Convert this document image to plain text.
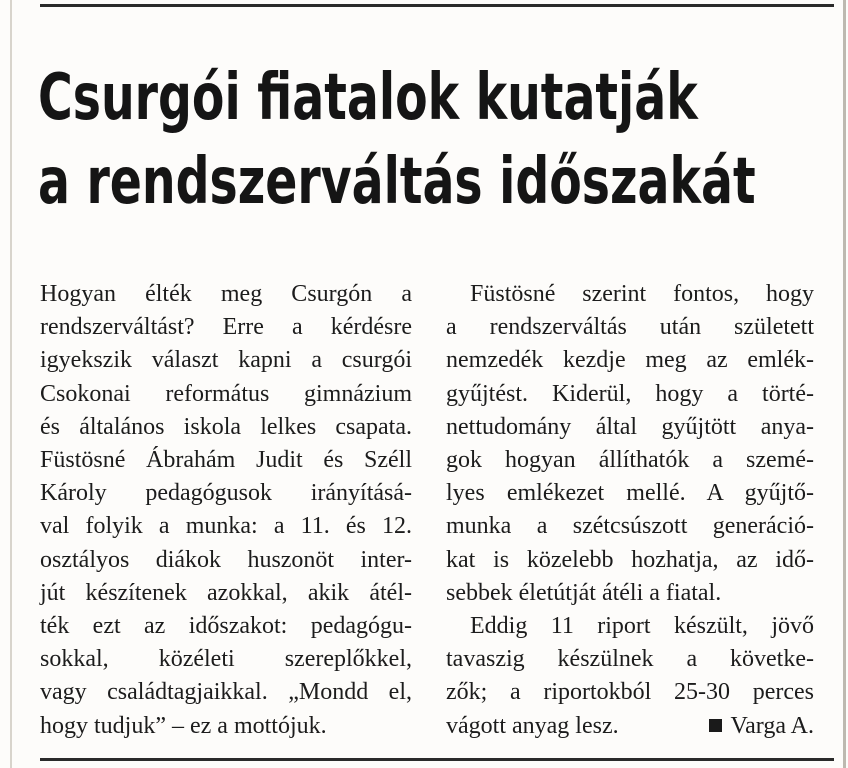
Csurgói fiatalok kutatják
a rendszerváltás időszakát

Hogyan élték meg Csurgón a
rendszerváltást? Erre a kérdésre
igyekszik választ kapni a csurgói
Csokonai református gimnázium
és általános iskola lelkes csapata.
Füstösné Ábrahám Judit és Széll
Károly pedagógusok irányításá-
val folyik a munka: a 11. és 12.
osztályos diákok huszonöt inter-
jút készítenek azokkal, akik átél-
ték ezt az időszakot: pedagógu-
sokkal, közéleti szereplőkkel,
vagy családtagjaikkal. „Mondd el,
hogy tudjuk” – ez a mottójuk.

Füstösné szerint fontos, hogy
a rendszerváltás után született
nemzedék kezdje meg az emlék-
gyűjtést. Kiderül, hogy a törté-
nettudomány által gyűjtött anya-
gok hogyan állíthatók a szemé-
lyes emlékezet mellé. A gyűjtő-
munka a szétcsúszott generáció-
kat is közelebb hozhatja, az idő-
sebbek életútját átéli a fiatal.

Eddig 11 riport készült, jövő
tavaszig készülnek a követke-
zők; a riportokból 25-30 perces
vágott anyag lesz.	Varga A.
